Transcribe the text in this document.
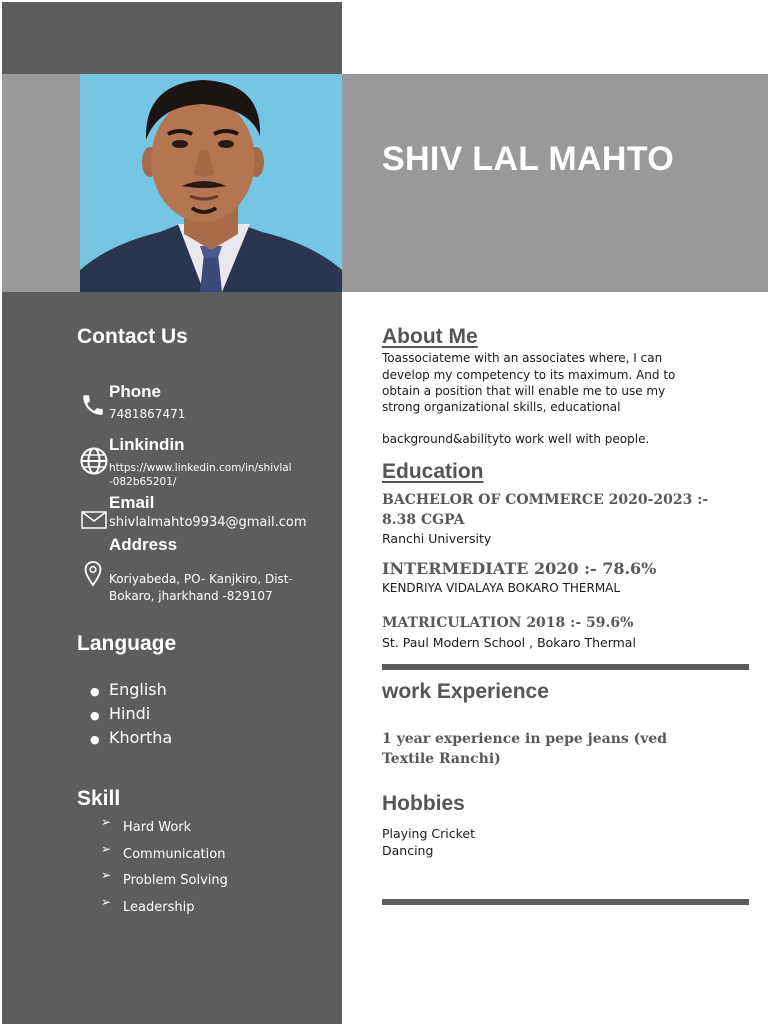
SHIV LAL MAHTO
Contact Us
Phone
7481867471
Linkindin
https://www.linkedin.com/in/shivlal
-082b65201/
Email
shivlalmahto9934@gmail.com
Address
Koriyabeda, PO- Kanjkiro, Dist-
Bokaro, jharkhand -829107
Language
● English
● Hindi
● Khortha
Skill
➢ Hard Work
➢ Communication
➢ Problem Solving
➢ Leadership
About Me
Toassociateme with an associates where, I can
develop my competency to its maximum. And to
obtain a position that will enable me to use my
strong organizational skills, educational
background&abilityto work well with people.
Education
BACHELOR OF COMMERCE 2020-2023 :-
8.38 CGPA
Ranchi University
INTERMEDIATE 2020 :- 78.6%
KENDRIYA VIDALAYA BOKARO THERMAL
MATRICULATION 2018 :- 59.6%
St. Paul Modern School , Bokaro Thermal
work Experience
1 year experience in pepe jeans (ved
Textile Ranchi)
Hobbies
Playing Cricket
Dancing
